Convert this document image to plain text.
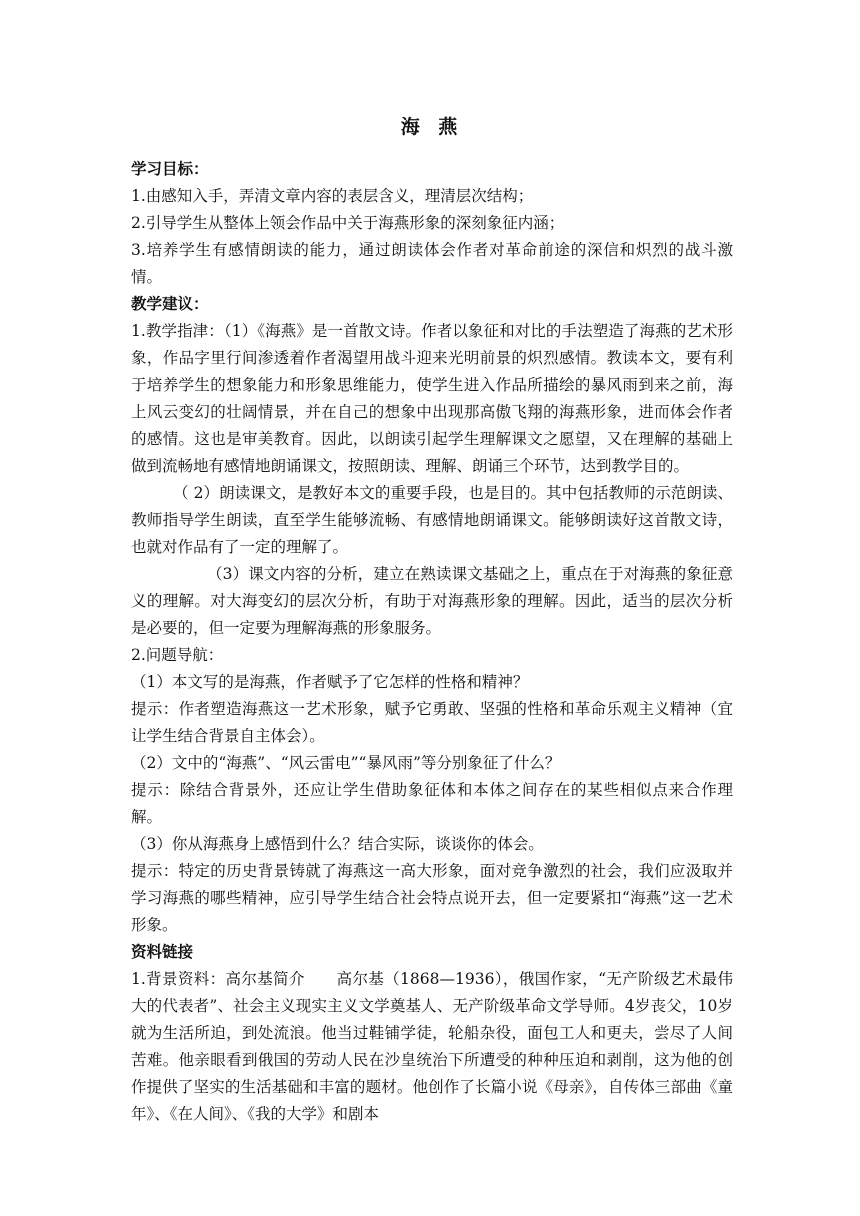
海 燕

学习目标：

1.由感知入手，弄清文章内容的表层含义，理清层次结构；

2.引导学生从整体上领会作品中关于海燕形象的深刻象征内涵；

3.培养学生有感情朗读的能力，通过朗读体会作者对革命前途的深信和炽烈的战斗激情。

教学建议：

1.教学指津：（1）《海燕》是一首散文诗。作者以象征和对比的手法塑造了海燕的艺术形象，作品字里行间渗透着作者渴望用战斗迎来光明前景的炽烈感情。教读本文，要有利于培养学生的想象能力和形象思维能力，使学生进入作品所描绘的暴风雨到来之前，海上风云变幻的壮阔情景，并在自己的想象中出现那高傲飞翔的海燕形象，进而体会作者的感情。这也是审美教育。因此，以朗读引起学生理解课文之愿望，又在理解的基础上做到流畅地有感情地朗诵课文，按照朗读、理解、朗诵三个环节，达到教学目的。

（ 2）朗读课文，是教好本文的重要手段，也是目的。其中包括教师的示范朗读、教师指导学生朗读，直至学生能够流畅、有感情地朗诵课文。能够朗读好这首散文诗，也就对作品有了一定的理解了。

（3）课文内容的分析，建立在熟读课文基础之上，重点在于对海燕的象征意义的理解。对大海变幻的层次分析，有助于对海燕形象的理解。因此，适当的层次分析是必要的，但一定要为理解海燕的形象服务。

2.问题导航：

（1）本文写的是海燕，作者赋予了它怎样的性格和精神？

提示：作者塑造海燕这一艺术形象，赋予它勇敢、坚强的性格和革命乐观主义精神（宜让学生结合背景自主体会）。

（2）文中的“海燕”、“风云雷电”“暴风雨”等分别象征了什么？

提示：除结合背景外，还应让学生借助象征体和本体之间存在的某些相似点来合作理解。

（3）你从海燕身上感悟到什么？结合实际，谈谈你的体会。

提示：特定的历史背景铸就了海燕这一高大形象，面对竞争激烈的社会，我们应汲取并学习海燕的哪些精神，应引导学生结合社会特点说开去，但一定要紧扣“海燕”这一艺术形象。

资料链接

1.背景资料：高尔基简介　　高尔基（1868—1936），俄国作家，“无产阶级艺术最伟大的代表者”、社会主义现实主义文学奠基人、无产阶级革命文学导师。4岁丧父，10岁就为生活所迫，到处流浪。他当过鞋铺学徒，轮船杂役，面包工人和更夫，尝尽了人间苦难。他亲眼看到俄国的劳动人民在沙皇统治下所遭受的种种压迫和剥削，这为他的创作提供了坚实的生活基础和丰富的题材。他创作了长篇小说《母亲》，自传体三部曲《童年》、《在人间》、《我的大学》和剧本
